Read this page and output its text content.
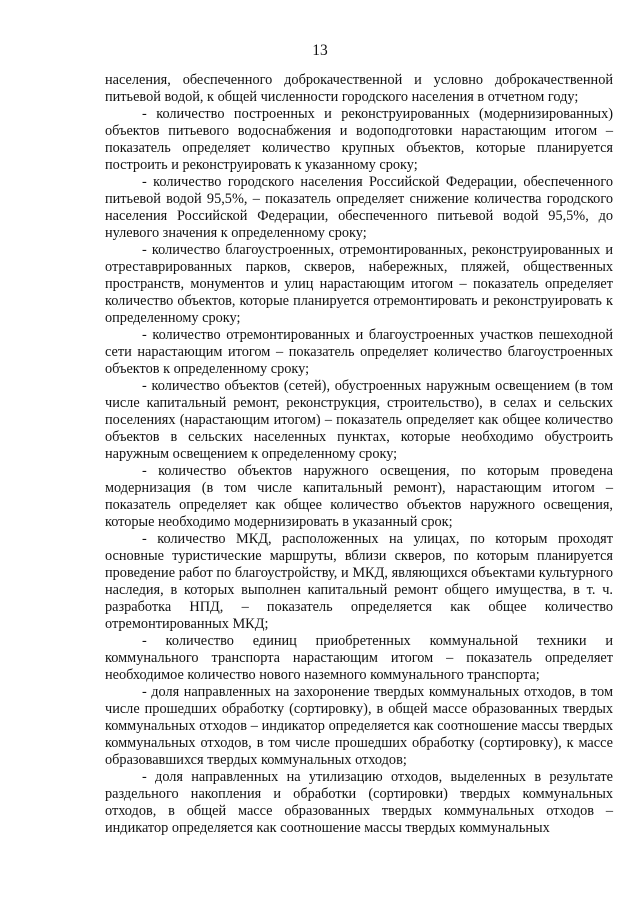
13

населения, обеспеченного доброкачественной и условно доброкачественной питьевой водой, к общей численности городского населения в отчетном году;

- количество построенных и реконструированных (модернизированных) объектов питьевого водоснабжения и водоподготовки нарастающим итогом – показатель определяет количество крупных объектов, которые планируется построить и реконструировать к указанному сроку;

- количество городского населения Российской Федерации, обеспеченного питьевой водой 95,5%, – показатель определяет снижение количества городского населения Российской Федерации, обеспеченного питьевой водой 95,5%, до нулевого значения к определенному сроку;

- количество благоустроенных, отремонтированных, реконструированных и отреставрированных парков, скверов, набережных, пляжей, общественных пространств, монументов и улиц нарастающим итогом – показатель определяет количество объектов, которые планируется отремонтировать и реконструировать к определенному сроку;

- количество отремонтированных и благоустроенных участков пешеходной сети нарастающим итогом – показатель определяет количество благоустроенных объектов к определенному сроку;

- количество объектов (сетей), обустроенных наружным освещением (в том числе капитальный ремонт, реконструкция, строительство), в селах и сельских поселениях (нарастающим итогом) – показатель определяет как общее количество объектов в сельских населенных пунктах, которые необходимо обустроить наружным освещением к определенному сроку;

- количество объектов наружного освещения, по которым проведена модернизация (в том числе капитальный ремонт), нарастающим итогом – показатель определяет как общее количество объектов наружного освещения, которые необходимо модернизировать в указанный срок;

- количество МКД, расположенных на улицах, по которым проходят основные туристические маршруты, вблизи скверов, по которым планируется проведение работ по благоустройству, и МКД, являющихся объектами культурного наследия, в которых выполнен капитальный ремонт общего имущества, в т. ч. разработка НПД, – показатель определяется как общее количество отремонтированных МКД;

- количество единиц приобретенных коммунальной техники и коммунального транспорта нарастающим итогом – показатель определяет необходимое количество нового наземного коммунального транспорта;

- доля направленных на захоронение твердых коммунальных отходов, в том числе прошедших обработку (сортировку), в общей массе образованных твердых коммунальных отходов – индикатор определяется как соотношение массы твердых коммунальных отходов, в том числе прошедших обработку (сортировку), к массе образовавшихся твердых коммунальных отходов;

- доля направленных на утилизацию отходов, выделенных в результате раздельного накопления и обработки (сортировки) твердых коммунальных отходов, в общей массе образованных твердых коммунальных отходов – индикатор определяется как соотношение массы твердых коммунальных
